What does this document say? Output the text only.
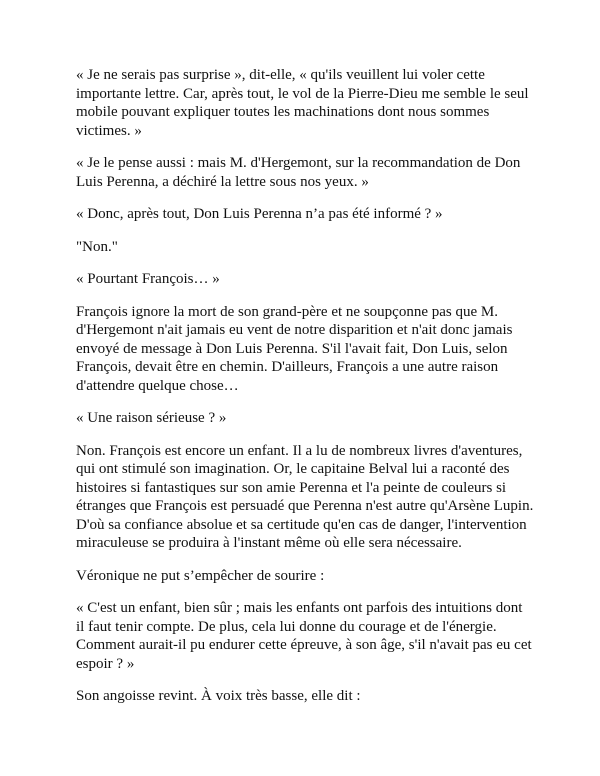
« Je ne serais pas surprise », dit-elle, « qu'ils veuillent lui voler cette importante lettre. Car, après tout, le vol de la Pierre-Dieu me semble le seul mobile pouvant expliquer toutes les machinations dont nous sommes victimes. »

« Je le pense aussi : mais M. d'Hergemont, sur la recommandation de Don Luis Perenna, a déchiré la lettre sous nos yeux. »

« Donc, après tout, Don Luis Perenna n’a pas été informé ? »

"Non."

« Pourtant François… »

François ignore la mort de son grand-père et ne soupçonne pas que M. d'Hergemont n'ait jamais eu vent de notre disparition et n'ait donc jamais envoyé de message à Don Luis Perenna. S'il l'avait fait, Don Luis, selon François, devait être en chemin. D'ailleurs, François a une autre raison d'attendre quelque chose…

« Une raison sérieuse ? »

Non. François est encore un enfant. Il a lu de nombreux livres d'aventures, qui ont stimulé son imagination. Or, le capitaine Belval lui a raconté des histoires si fantastiques sur son amie Perenna et l'a peinte de couleurs si étranges que François est persuadé que Perenna n'est autre qu'Arsène Lupin. D'où sa confiance absolue et sa certitude qu'en cas de danger, l'intervention miraculeuse se produira à l'instant même où elle sera nécessaire.

Véronique ne put s’empêcher de sourire :

« C'est un enfant, bien sûr ; mais les enfants ont parfois des intuitions dont il faut tenir compte. De plus, cela lui donne du courage et de l'énergie. Comment aurait-il pu endurer cette épreuve, à son âge, s'il n'avait pas eu cet espoir ? »

Son angoisse revint. À voix très basse, elle dit :
